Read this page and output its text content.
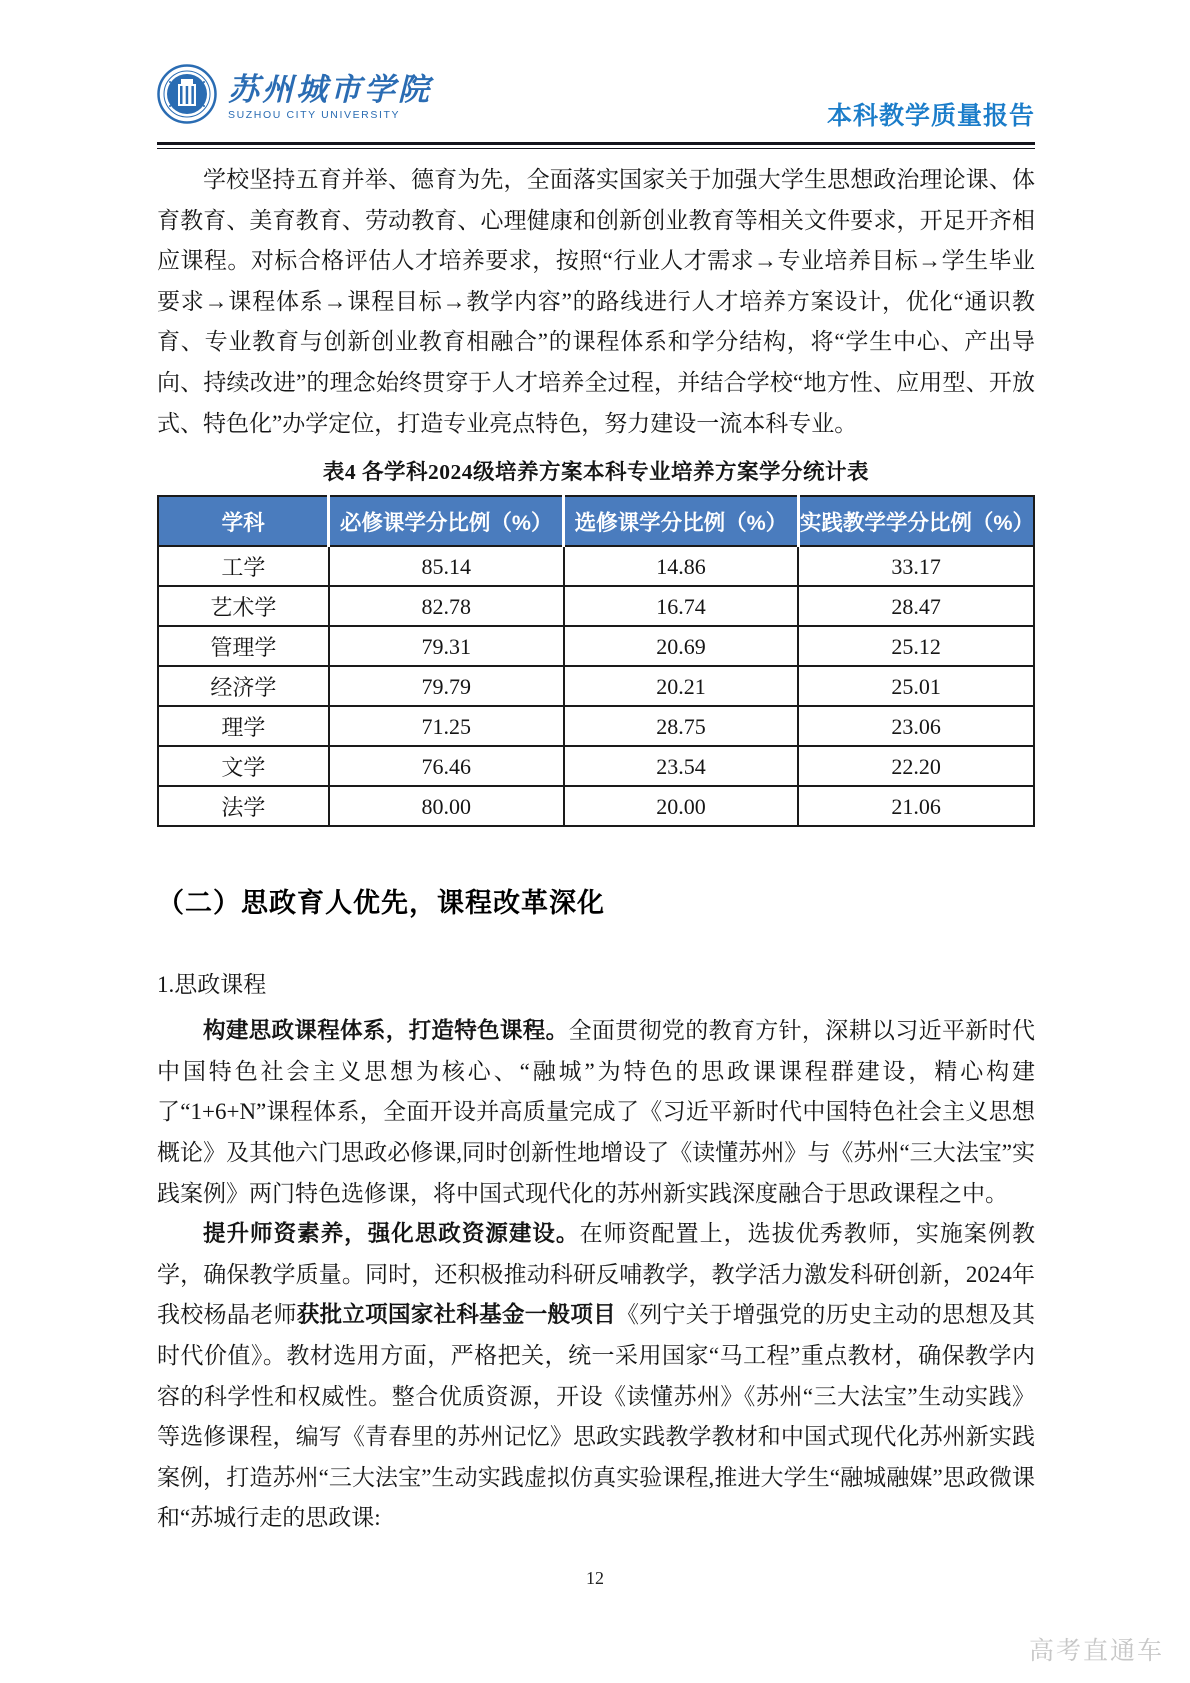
苏州城市学院
SUZHOU CITY UNIVERSITY	本科教学质量报告

学校坚持五育并举、德育为先，全面落实国家关于加强大学生思想政治理论课、体育教育、美育教育、劳动教育、心理健康和创新创业教育等相关文件要求，开足开齐相应课程。对标合格评估人才培养要求，按照“行业人才需求→专业培养目标→学生毕业要求→课程体系→课程目标→教学内容”的路线进行人才培养方案设计，优化“通识教育、专业教育与创新创业教育相融合”的课程体系和学分结构，将“学生中心、产出导向、持续改进”的理念始终贯穿于人才培养全过程，并结合学校“地方性、应用型、开放式、特色化”办学定位，打造专业亮点特色，努力建设一流本科专业。

表4 各学科2024级培养方案本科专业培养方案学分统计表
学科	必修课学分比例（%）	选修课学分比例（%）	实践教学学分比例（%）
工学	85.14	14.86	33.17
艺术学	82.78	16.74	28.47
管理学	79.31	20.69	25.12
经济学	79.79	20.21	25.01
理学	71.25	28.75	23.06
文学	76.46	23.54	22.20
法学	80.00	20.00	21.06
（二）思政育人优先，课程改革深化
1.思政课程

构建思政课程体系，打造特色课程。全面贯彻党的教育方针，深耕以习近平新时代中国特色社会主义思想为核心、“融城”为特色的思政课课程群建设，精心构建了“1+6+N”课程体系，全面开设并高质量完成了《习近平新时代中国特色社会主义思想概论》及其他六门思政必修课,同时创新性地增设了《读懂苏州》与《苏州“三大法宝”实践案例》两门特色选修课，将中国式现代化的苏州新实践深度融合于思政课程之中。

提升师资素养，强化思政资源建设。在师资配置上，选拔优秀教师，实施案例教学，确保教学质量。同时，还积极推动科研反哺教学，教学活力激发科研创新，2024年我校杨晶老师获批立项国家社科基金一般项目《列宁关于增强党的历史主动的思想及其时代价值》。教材选用方面，严格把关，统一采用国家“马工程”重点教材，确保教学内容的科学性和权威性。整合优质资源，开设《读懂苏州》《苏州“三大法宝”生动实践》等选修课程，编写《青春里的苏州记忆》思政实践教学教材和中国式现代化苏州新实践案例，打造苏州“三大法宝”生动实践虚拟仿真实验课程,推进大学生“融城融媒”思政微课和“苏城行走的思政课:

12
高考直通车
